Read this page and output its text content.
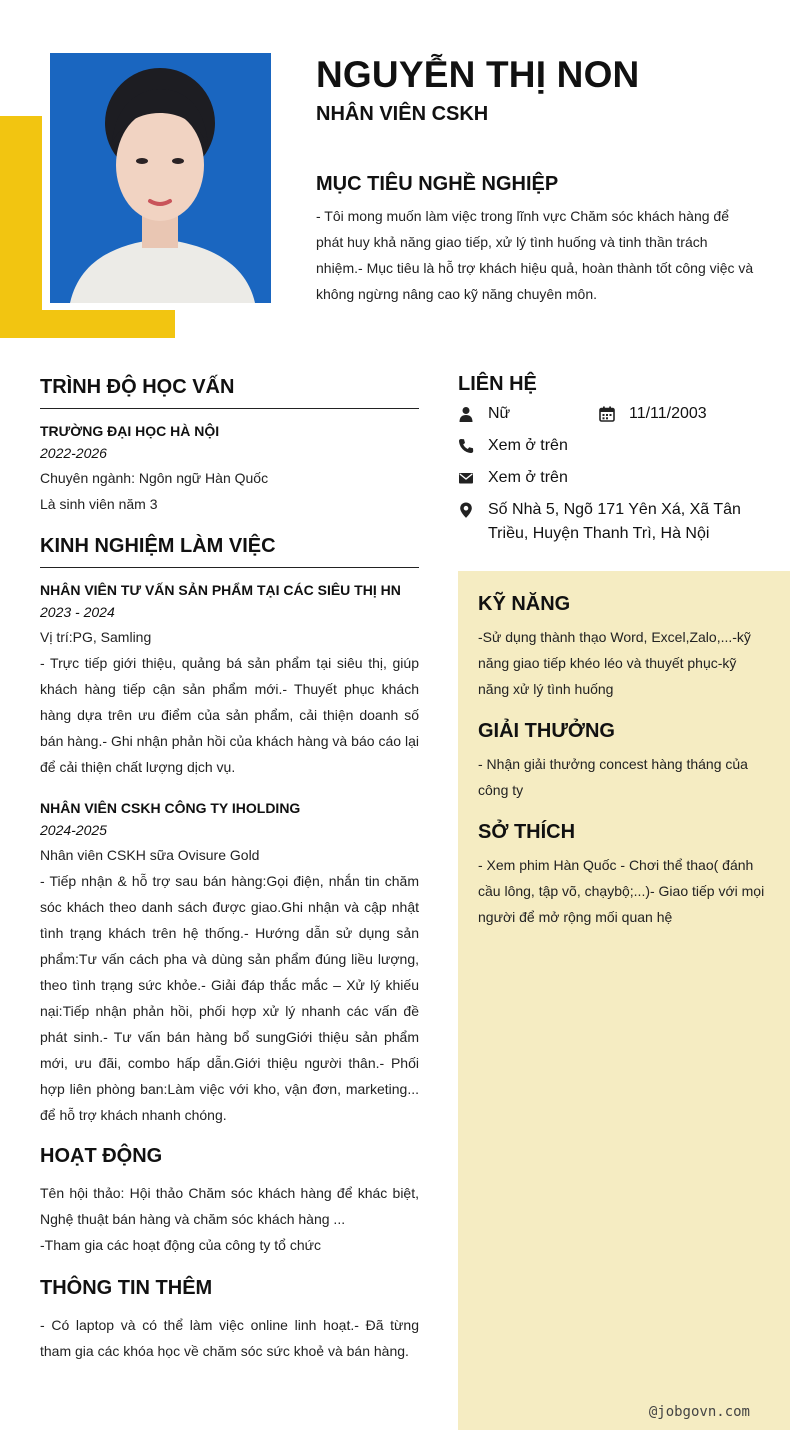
NGUYỄN THỊ NON
NHÂN VIÊN CSKH
MỤC TIÊU NGHỀ NGHIỆP
- Tôi mong muốn làm việc trong lĩnh vực Chăm sóc khách hàng để phát huy khả năng giao tiếp, xử lý tình huống và tinh thần trách nhiệm.- Mục tiêu là hỗ trợ khách hiệu quả, hoàn thành tốt công việc và không ngừng nâng cao kỹ năng chuyên môn.
TRÌNH ĐỘ HỌC VẤN
TRƯỜNG ĐẠI HỌC HÀ NỘI
2022-2026
Chuyên ngành: Ngôn ngữ Hàn Quốc
Là sinh viên năm 3
KINH NGHIỆM LÀM VIỆC
NHÂN VIÊN TƯ VẤN SẢN PHẨM TẠI CÁC SIÊU THỊ HN
2023 - 2024
Vị trí:PG, Samling
- Trực tiếp giới thiệu, quảng bá sản phẩm tại siêu thị, giúp khách hàng tiếp cận sản phẩm mới.- Thuyết phục khách hàng dựa trên ưu điểm của sản phẩm, cải thiện doanh số bán hàng.- Ghi nhận phản hồi của khách hàng và báo cáo lại để cải thiện chất lượng dịch vụ.
NHÂN VIÊN CSKH CÔNG TY IHOLDING
2024-2025
Nhân viên CSKH sữa Ovisure Gold
- Tiếp nhận & hỗ trợ sau bán hàng:Gọi điện, nhắn tin chăm sóc khách theo danh sách được giao.Ghi nhận và cập nhật tình trạng khách trên hệ thống.- Hướng dẫn sử dụng sản phẩm:Tư vấn cách pha và dùng sản phẩm đúng liều lượng, theo tình trạng sức khỏe.- Giải đáp thắc mắc – Xử lý khiếu nại:Tiếp nhận phản hồi, phối hợp xử lý nhanh các vấn đề phát sinh.- Tư vấn bán hàng bổ sungGiới thiệu sản phẩm mới, ưu đãi, combo hấp dẫn.Giới thiệu người thân.- Phối hợp liên phòng ban:Làm việc với kho, vận đơn, marketing... để hỗ trợ khách nhanh chóng.
HOẠT ĐỘNG
Tên hội thảo: Hội thảo Chăm sóc khách hàng để khác biệt, Nghệ thuật bán hàng và chăm sóc khách hàng ...
-Tham gia các hoạt động của công ty tổ chức
THÔNG TIN THÊM
- Có laptop và có thể làm việc online linh hoạt.- Đã từng tham gia các khóa học về chăm sóc sức khoẻ và bán hàng.
LIÊN HỆ
Nữ	11/11/2003
Xem ở trên
Xem ở trên
Số Nhà 5, Ngõ 171 Yên Xá, Xã Tân Triều, Huyện Thanh Trì, Hà Nội
KỸ NĂNG
-Sử dụng thành thạo Word, Excel,Zalo,...-kỹ năng giao tiếp khéo léo và thuyết phục-kỹ năng xử lý tình huống
GIẢI THƯỞNG
- Nhận giải thưởng concest hàng tháng của công ty
SỞ THÍCH
- Xem phim Hàn Quốc - Chơi thể thao( đánh cầu lông, tập võ, chạybộ;...)- Giao tiếp với mọi người để mở rộng mối quan hệ
@jobgovn.com
